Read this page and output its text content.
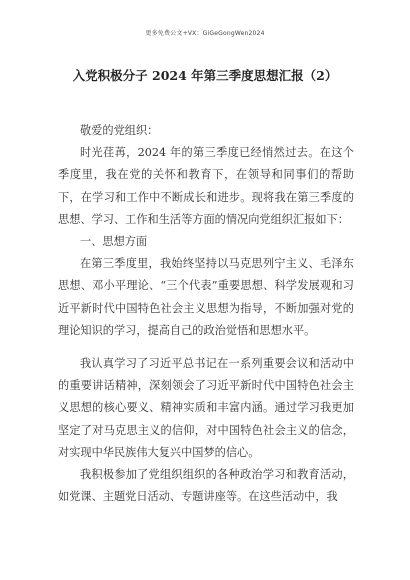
更多免费公文+VX：GiGeGongWen2024
入党积极分子 2024 年第三季度思想汇报（2）

敬爱的党组织：

时光荏苒，2024 年的第三季度已经悄然过去。在这个季度里，我在党的关怀和教育下，在领导和同事们的帮助下，在学习和工作中不断成长和进步。现将我在第三季度的思想、学习、工作和生活等方面的情况向党组织汇报如下：

一、思想方面

在第三季度里，我始终坚持以马克思列宁主义、毛泽东思想、邓小平理论、“三个代表”重要思想、科学发展观和习近平新时代中国特色社会主义思想为指导，不断加强对党的理论知识的学习，提高自己的政治觉悟和思想水平。

我认真学习了习近平总书记在一系列重要会议和活动中的重要讲话精神，深刻领会了习近平新时代中国特色社会主义思想的核心要义、精神实质和丰富内涵。通过学习我更加坚定了对马克思主义的信仰，对中国特色社会主义的信念，对实现中华民族伟大复兴中国梦的信心。

我积极参加了党组织组织的各种政治学习和教育活动，如党课、主题党日活动、专题讲座等。在这些活动中，我
